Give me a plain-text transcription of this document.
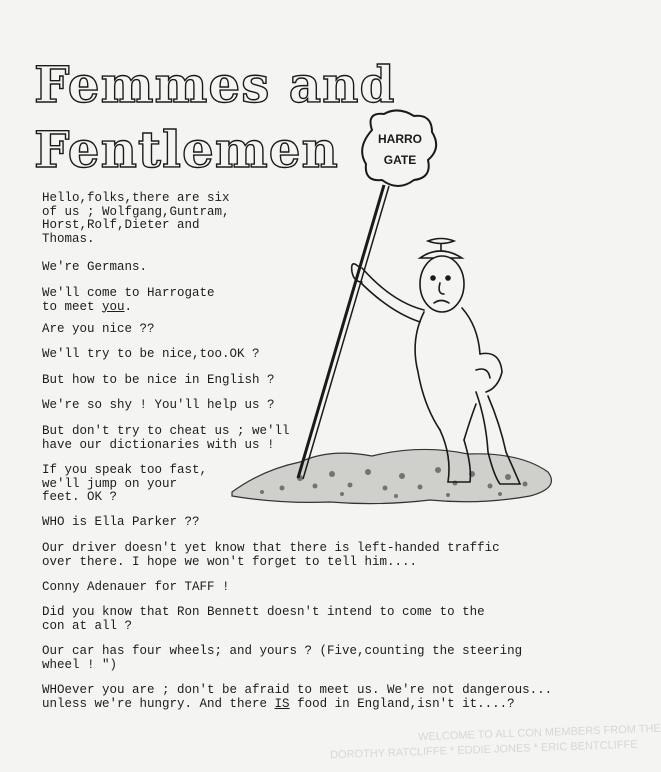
WELCOME TO ALL CON MEMBERS FROM THE
DOROTHY RATCLIFFE * EDDIE JONES * ERIC BENTCLIFFE
Femmes and
Fentlemen	HARRO
GATE
Hello,folks,there are six
of us ; Wolfgang,Guntram,
Horst,Rolf,Dieter and
Thomas.
We're Germans.
We'll come to Harrogate
to meet you.
Are you nice ??
We'll try to be nice,too.OK ?
But how to be nice in English ?
We're so shy ! You'll help us ?
But don't try to cheat us ; we'll
have our dictionaries with us !
If you speak too fast,
we'll jump on your
feet. OK ?
WHO is Ella Parker ??
Our driver doesn't yet know that there is left-handed traffic
over there. I hope we won't forget to tell him....
Conny Adenauer for TAFF !
Did you know that Ron Bennett doesn't intend to come to the
con at all ?
Our car has four wheels; and yours ? (Five,counting the steering
wheel ! ")
WHOever you are ; don't be afraid to meet us. We're not dangerous...
unless we're hungry. And there IS food in England,isn't it....?
